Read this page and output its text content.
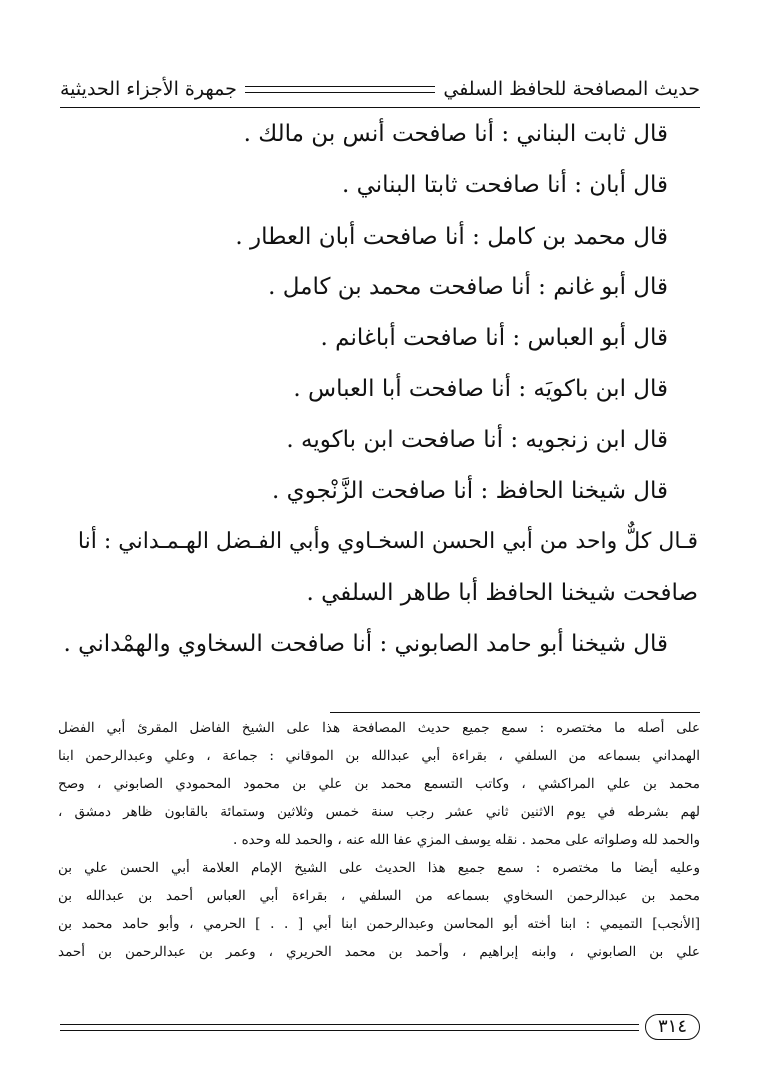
حديث المصافحة للحافظ السلفي
جمهرة الأجزاء الحديثية
قال ثابت البناني : أنا صافحت أنس بن مالك .
قال أبان : أنا صافحت ثابتا البناني .
قال محمد بن كامل : أنا صافحت أبان العطار .
قال أبو غانم : أنا صافحت محمد بن كامل .
قال أبو العباس : أنا صافحت أباغانم .
قال ابن باكويَه : أنا صافحت أبا العباس .
قال ابن زنجويه : أنا صافحت ابن باكويه .
قال شيخنا الحافظ : أنا صافحت الزَّنْجوي .
قـال كلٌّ واحد من أبي الحسن السخـاوي وأبي الفـضل الهـمـداني : أنا
صافحت شيخنا الحافظ أبا طاهر السلفي .
قال شيخنا أبو حامد الصابوني : أنا صافحت السخاوي والهمْداني .
على أصله ما مختصره : سمع جميع حديث المصافحة هذا على الشيخ الفاضل المقرئ أبي الفضل
الهمداني بسماعه من السلفي ، بقراءة أبي عبدالله بن الموقاني : جماعة ، وعلي وعبدالرحمن ابنا
محمد بن علي المراكشي ، وكاتب التسمع محمد بن علي بن محمود المحمودي الصابوني ، وصح
لهم بشرطه في يوم الاثنين ثاني عشر رجب سنة خمس وثلاثين وستمائة بالقابون ظاهر دمشق ،
والحمد لله وصلواته على محمد . نقله يوسف المزي عفا الله عنه ، والحمد لله وحده .
وعليه أيضا ما مختصره : سمع جميع هذا الحديث على الشيخ الإمام العلامة أبي الحسن علي بن
محمد بن عبدالرحمن السخاوي بسماعه من السلفي ، بقراءة أبي العباس أحمد بن عبدالله بن
[الأنجب] التميمي : ابنا أخته أبو المحاسن وعبدالرحمن ابنا أبي [ . . ] الحرمي ، وأبو حامد محمد بن
علي بن الصابوني ، وابنه إبراهيم ، وأحمد بن محمد الحريري ، وعمر بن عبدالرحمن بن أحمد
٣١٤
